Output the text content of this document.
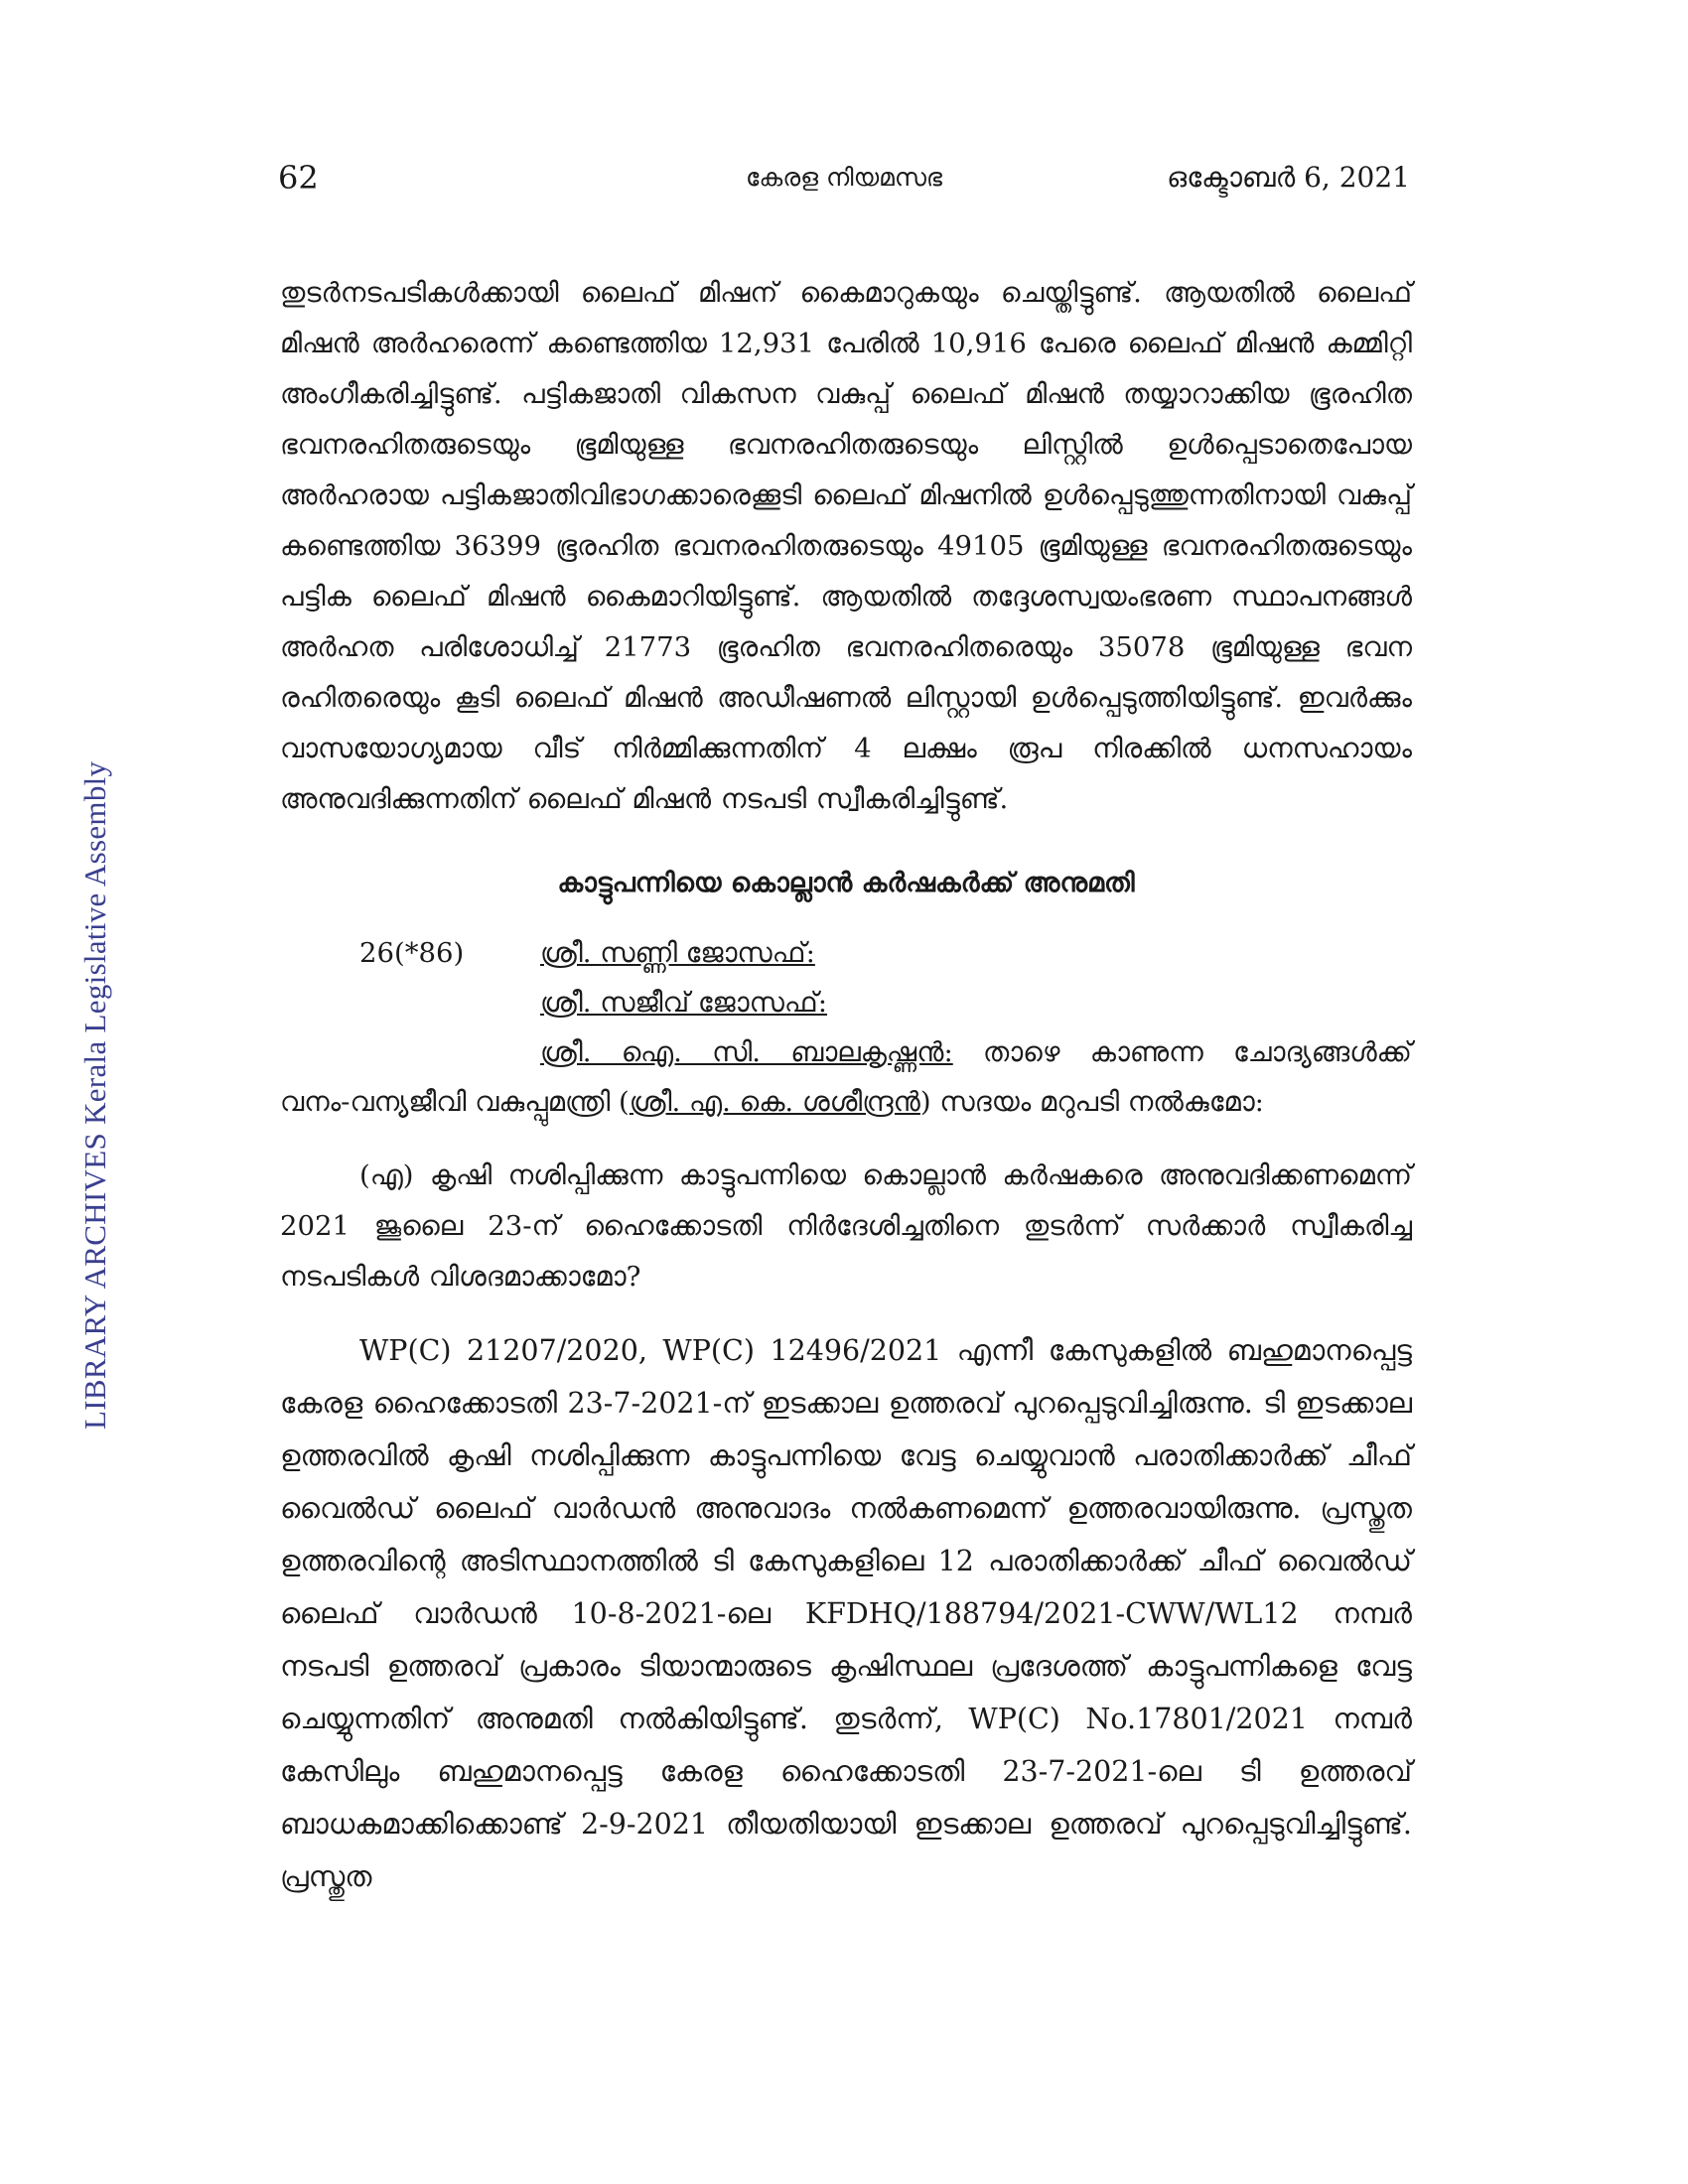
62	കേരള നിയമസഭ	ഒക്ടോബർ 6, 2021
LIBRARY ARCHIVES Kerala Legislative Assembly

തുടർനടപടികൾക്കായി ലൈഫ് മിഷന് കൈമാറുകയും ചെയ്തിട്ടുണ്ട്. ആയതിൽ ലൈഫ് മിഷൻ അർഹരെന്ന് കണ്ടെത്തിയ 12,931 പേരിൽ 10,916 പേരെ ലൈഫ് മിഷൻ കമ്മിറ്റി അംഗീകരിച്ചിട്ടുണ്ട്. പട്ടികജാതി വികസന വകുപ്പ് ലൈഫ് മിഷൻ തയ്യാറാക്കിയ ഭൂരഹിത ഭവനരഹിതരുടെയും ഭൂമിയുള്ള ഭവനരഹിതരുടെയും ലിസ്റ്റിൽ ഉൾപ്പെടാതെപോയ അർഹരായ പട്ടികജാതിവിഭാഗക്കാരെക്കൂടി ലൈഫ് മിഷനിൽ ഉൾപ്പെടുത്തുന്നതിനായി വകുപ്പ് കണ്ടെത്തിയ 36399 ഭൂരഹിത ഭവനരഹിതരുടെയും 49105 ഭൂമിയുള്ള ഭവനരഹിതരുടെയും പട്ടിക ലൈഫ് മിഷൻ കൈമാറിയിട്ടുണ്ട്. ആയതിൽ തദ്ദേശസ്വയംഭരണ സ്ഥാപനങ്ങൾ അർഹത പരിശോധിച്ച് 21773 ഭൂരഹിത ഭവനരഹിതരെയും 35078 ഭൂമിയുള്ള ഭവന രഹിതരെയും കൂടി ലൈഫ് മിഷൻ അഡീഷണൽ ലിസ്റ്റായി ഉൾപ്പെടുത്തിയിട്ടുണ്ട്. ഇവർക്കും വാസയോഗ്യമായ വീട് നിർമ്മിക്കുന്നതിന് 4 ലക്ഷം രൂപ നിരക്കിൽ ധനസഹായം അനുവദിക്കുന്നതിന് ലൈഫ് മിഷൻ നടപടി സ്വീകരിച്ചിട്ടുണ്ട്.

കാട്ടുപന്നിയെ കൊല്ലാൻ കർഷകർക്ക് അനുമതി
26(*86)	ശ്രീ. സണ്ണി ജോസഫ്:
ശ്രീ. സജീവ് ജോസഫ്:
ശ്രീ. ഐ. സി. ബാലകൃഷ്ണൻ: താഴെ കാണുന്ന ചോദ്യങ്ങൾക്ക്
വനം-വന്യജീവി വകുപ്പുമന്ത്രി (ശ്രീ. എ. കെ. ശശീന്ദ്രൻ) സദയം മറുപടി നൽകുമോ:

(എ) കൃഷി നശിപ്പിക്കുന്ന കാട്ടുപന്നിയെ കൊല്ലാൻ കർഷകരെ അനുവദിക്കണമെന്ന് 2021 ജൂലൈ 23-ന് ഹൈക്കോടതി നിർദേശിച്ചതിനെ തുടർന്ന് സർക്കാർ സ്വീകരിച്ച നടപടികൾ വിശദമാക്കാമോ?

WP(C) 21207/2020, WP(C) 12496/2021 എന്നീ കേസുകളിൽ ബഹുമാനപ്പെട്ട കേരള ഹൈക്കോടതി 23-7-2021-ന് ഇടക്കാല ഉത്തരവ് പുറപ്പെടുവിച്ചിരുന്നു. ടി ഇടക്കാല ഉത്തരവിൽ കൃഷി നശിപ്പിക്കുന്ന കാട്ടുപന്നിയെ വേട്ട ചെയ്യുവാൻ പരാതിക്കാർക്ക് ചീഫ് വൈൽഡ് ലൈഫ് വാർഡൻ അനുവാദം നൽകണമെന്ന് ഉത്തരവായിരുന്നു. പ്രസ്തുത ഉത്തരവിന്റെ അടിസ്ഥാനത്തിൽ ടി കേസുകളിലെ 12 പരാതിക്കാർക്ക് ചീഫ് വൈൽഡ് ലൈഫ് വാർഡൻ 10-8-2021-ലെ KFDHQ/188794/2021-CWW/WL12 നമ്പർ നടപടി ഉത്തരവ് പ്രകാരം ടിയാന്മാരുടെ കൃഷിസ്ഥല പ്രദേശത്ത് കാട്ടുപന്നികളെ വേട്ട ചെയ്യുന്നതിന് അനുമതി നൽകിയിട്ടുണ്ട്. തുടർന്ന്, WP(C) No.17801/2021 നമ്പർ കേസിലും ബഹുമാനപ്പെട്ട കേരള ഹൈക്കോടതി 23-7-2021-ലെ ടി ഉത്തരവ് ബാധകമാക്കിക്കൊണ്ട് 2-9-2021 തീയതിയായി ഇടക്കാല ഉത്തരവ് പുറപ്പെടുവിച്ചിട്ടുണ്ട്. പ്രസ്തുത
